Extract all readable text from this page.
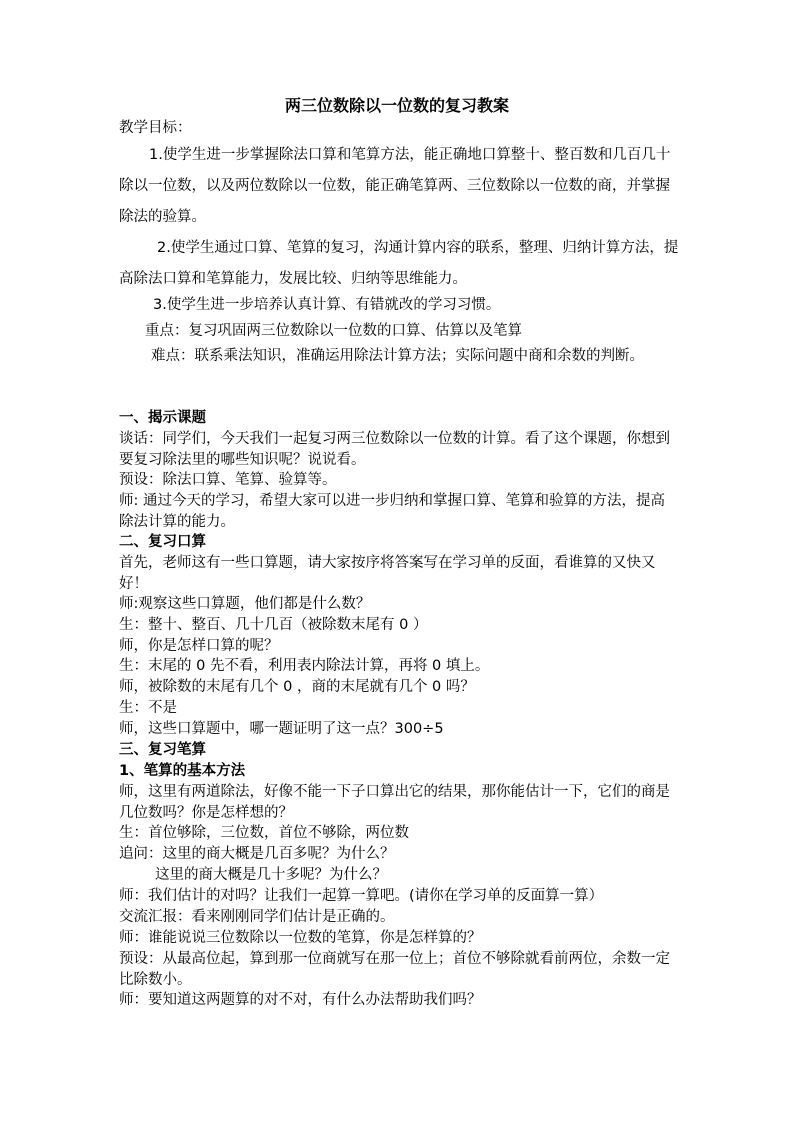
两三位数除以一位数的复习教案

教学目标：

1.使学生进一步掌握除法口算和笔算方法，能正确地口算整十、整百数和几百几十除以一位数，以及两位数除以一位数，能正确笔算两、三位数除以一位数的商，并掌握除法的验算。

2.使学生通过口算、笔算的复习，沟通计算内容的联系，整理、归纳计算方法，提高除法口算和笔算能力，发展比较、归纳等思维能力。

3.使学生进一步培养认真计算、有错就改的学习习惯。

重点：复习巩固两三位数除以一位数的口算、估算以及笔算

难点：联系乘法知识，准确运用除法计算方法；实际问题中商和余数的判断。

一、揭示课题

谈话：同学们，今天我们一起复习两三位数除以一位数的计算。看了这个课题，你想到要复习除法里的哪些知识呢？说说看。

预设：除法口算、笔算、验算等。

师: 通过今天的学习，希望大家可以进一步归纳和掌握口算、笔算和验算的方法，提高除法计算的能力。

二、复习口算

首先，老师这有一些口算题，请大家按序将答案写在学习单的反面，看谁算的又快又好！

师:观察这些口算题，他们都是什么数？

生：整十、整百、几十几百（被除数末尾有 0 ）

师，你是怎样口算的呢？

生：末尾的 0 先不看，利用表内除法计算，再将 0 填上。

师，被除数的末尾有几个 0 ，商的末尾就有几个 0 吗？

生：不是

师，这些口算题中，哪一题证明了这一点？300÷5

三、复习笔算

1、笔算的基本方法

师，这里有两道除法，好像不能一下子口算出它的结果，那你能估计一下，它们的商是几位数吗？你是怎样想的？

生：首位够除，三位数，首位不够除，两位数

追问：这里的商大概是几百多呢？为什么？

这里的商大概是几十多呢？为什么？

师：我们估计的对吗？让我们一起算一算吧。(请你在学习单的反面算一算）

交流汇报：看来刚刚同学们估计是正确的。

师：谁能说说三位数除以一位数的笔算，你是怎样算的？

预设：从最高位起，算到那一位商就写在那一位上；首位不够除就看前两位，余数一定比除数小。

师：要知道这两题算的对不对，有什么办法帮助我们吗？
